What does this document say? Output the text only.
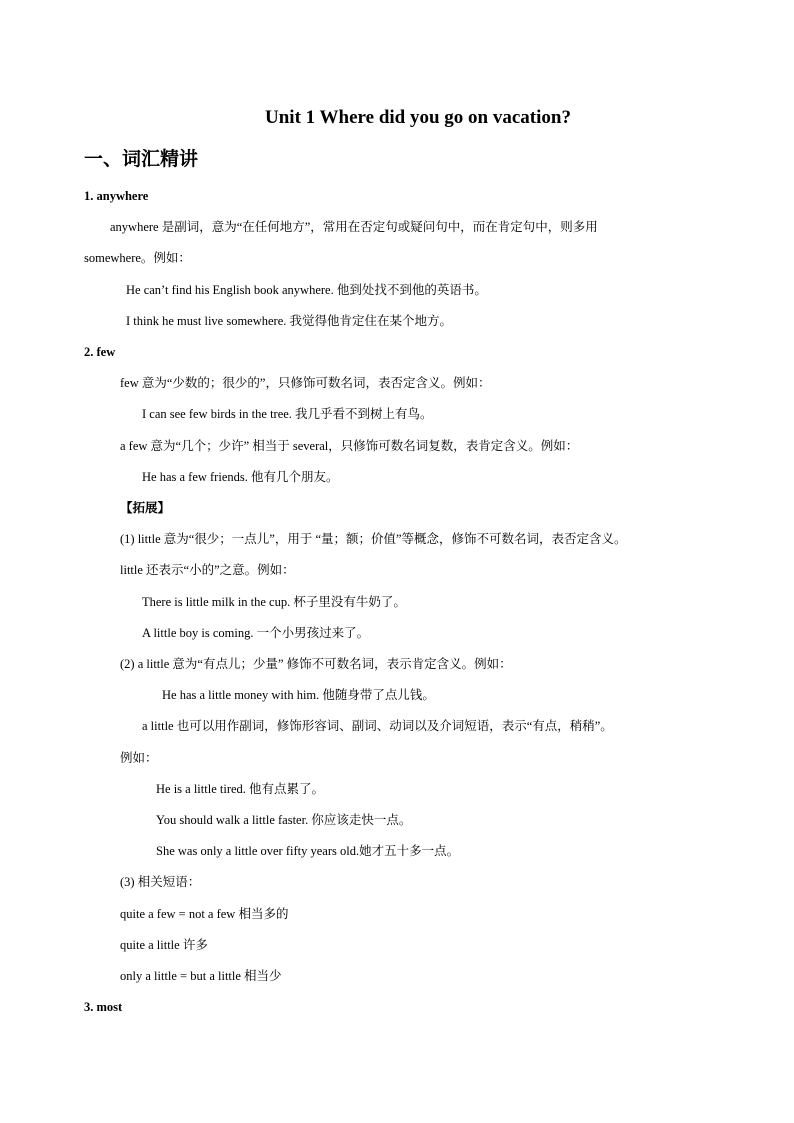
Unit 1 Where did you go on vacation?
一、词汇精讲
1. anywhere
anywhere 是副词，意为“在任何地方”，常用在否定句或疑问句中，而在肯定句中，则多用
somewhere。例如：
He can’t find his English book anywhere. 他到处找不到他的英语书。
I think he must live somewhere. 我觉得他肯定住在某个地方。
2. few
few 意为“少数的；很少的”，只修饰可数名词，表否定含义。例如：
I can see few birds in the tree. 我几乎看不到树上有鸟。
a few 意为“几个；少许” 相当于 several，只修饰可数名词复数，表肯定含义。例如：
He has a few friends. 他有几个朋友。
【拓展】
(1) little 意为“很少；一点儿”，用于 “量；额；价值”等概念，修饰不可数名词，表否定含义。
little 还表示“小的”之意。例如：
There is little milk in the cup. 杯子里没有牛奶了。
A little boy is coming. 一个小男孩过来了。
(2) a little 意为“有点儿；少量” 修饰不可数名词，表示肯定含义。例如：
He has a little money with him. 他随身带了点儿钱。
a little 也可以用作副词，修饰形容词、副词、动词以及介词短语，表示“有点，稍稍”。
例如：
He is a little tired. 他有点累了。
You should walk a little faster. 你应该走快一点。
She was only a little over fifty years old.她才五十多一点。
(3) 相关短语：
quite a few = not a few 相当多的
quite a little 许多
only a little = but a little 相当少
3. most
